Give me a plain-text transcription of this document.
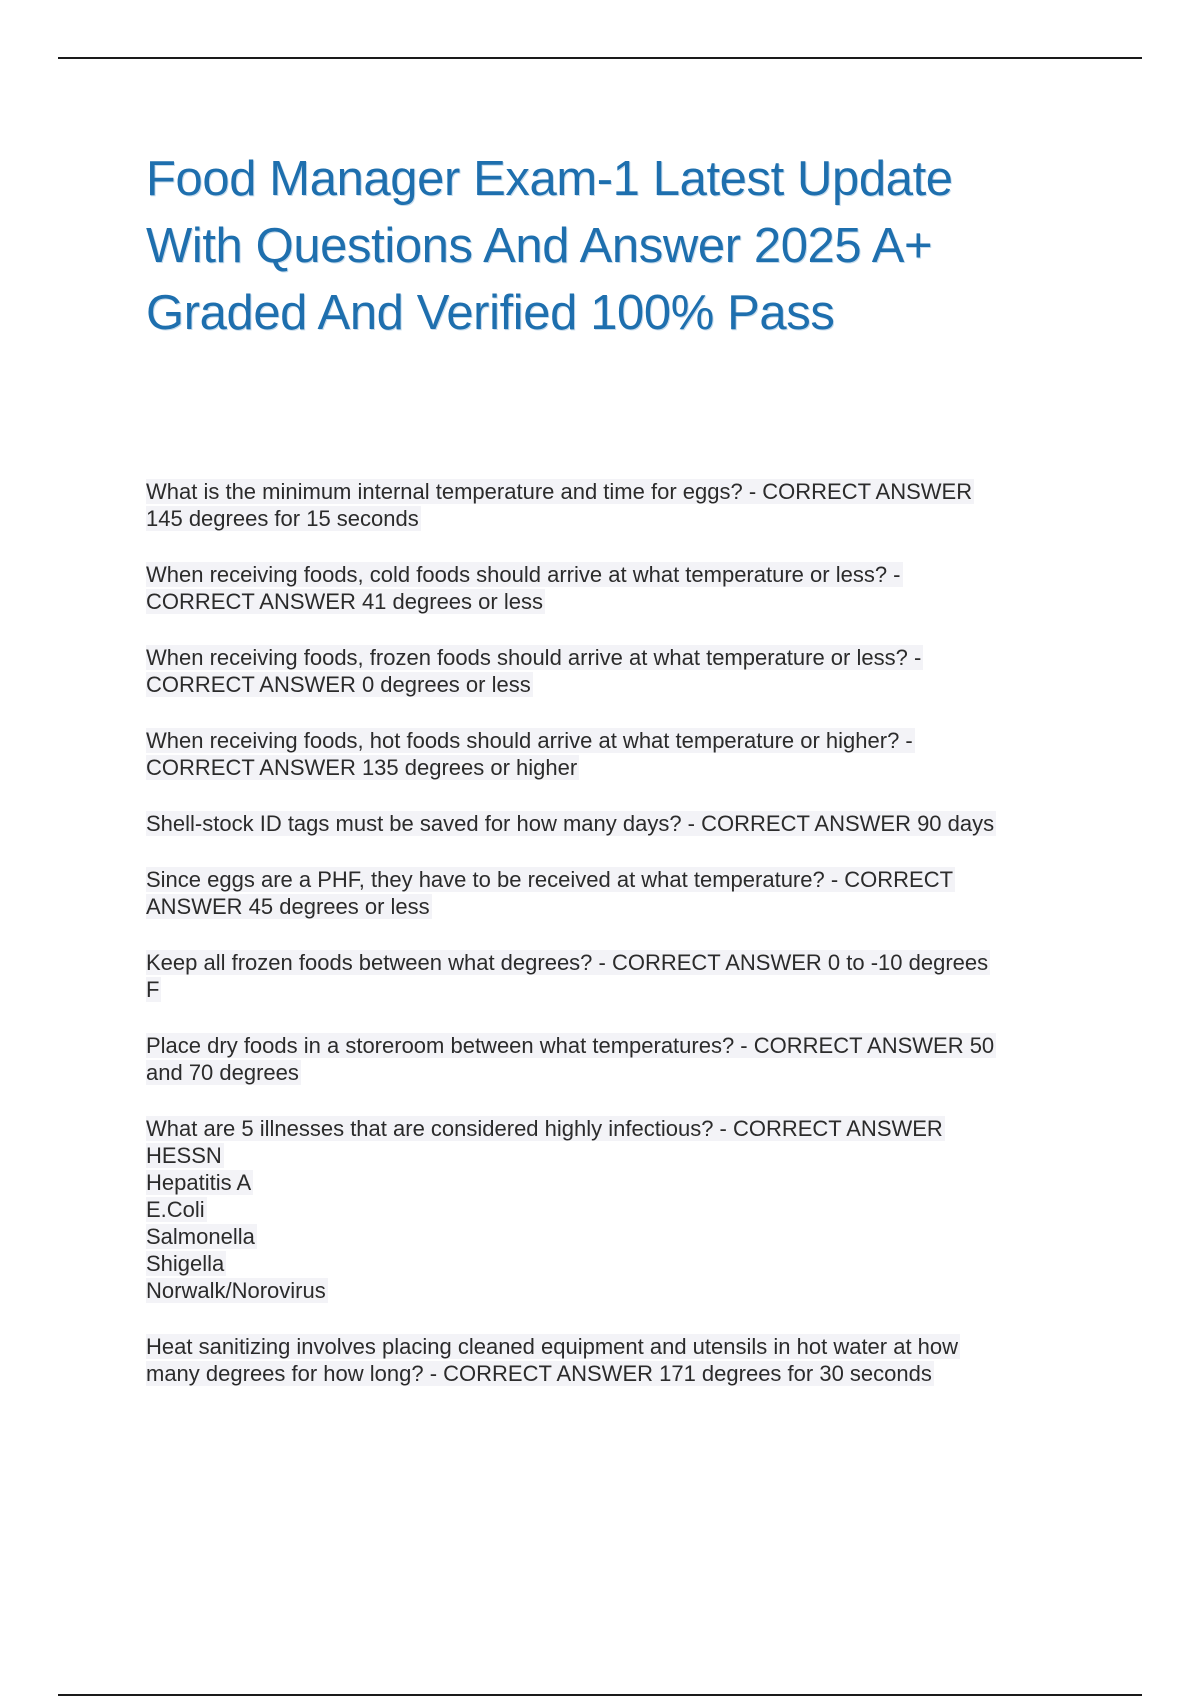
Food Manager Exam-1 Latest Update
With Questions And Answer 2025 A+
Graded And Verified 100% Pass
What is the minimum internal temperature and time for eggs? - CORRECT ANSWER
145 degrees for 15 seconds
When receiving foods, cold foods should arrive at what temperature or less? -
CORRECT ANSWER 41 degrees or less
When receiving foods, frozen foods should arrive at what temperature or less? -
CORRECT ANSWER 0 degrees or less
When receiving foods, hot foods should arrive at what temperature or higher? -
CORRECT ANSWER 135 degrees or higher
Shell-stock ID tags must be saved for how many days? - CORRECT ANSWER 90 days
Since eggs are a PHF, they have to be received at what temperature? - CORRECT
ANSWER 45 degrees or less
Keep all frozen foods between what degrees? - CORRECT ANSWER 0 to -10 degrees
F
Place dry foods in a storeroom between what temperatures? - CORRECT ANSWER 50
and 70 degrees
What are 5 illnesses that are considered highly infectious? - CORRECT ANSWER
HESSN
Hepatitis A
E.Coli
Salmonella
Shigella
Norwalk/Norovirus
Heat sanitizing involves placing cleaned equipment and utensils in hot water at how
many degrees for how long? - CORRECT ANSWER 171 degrees for 30 seconds
